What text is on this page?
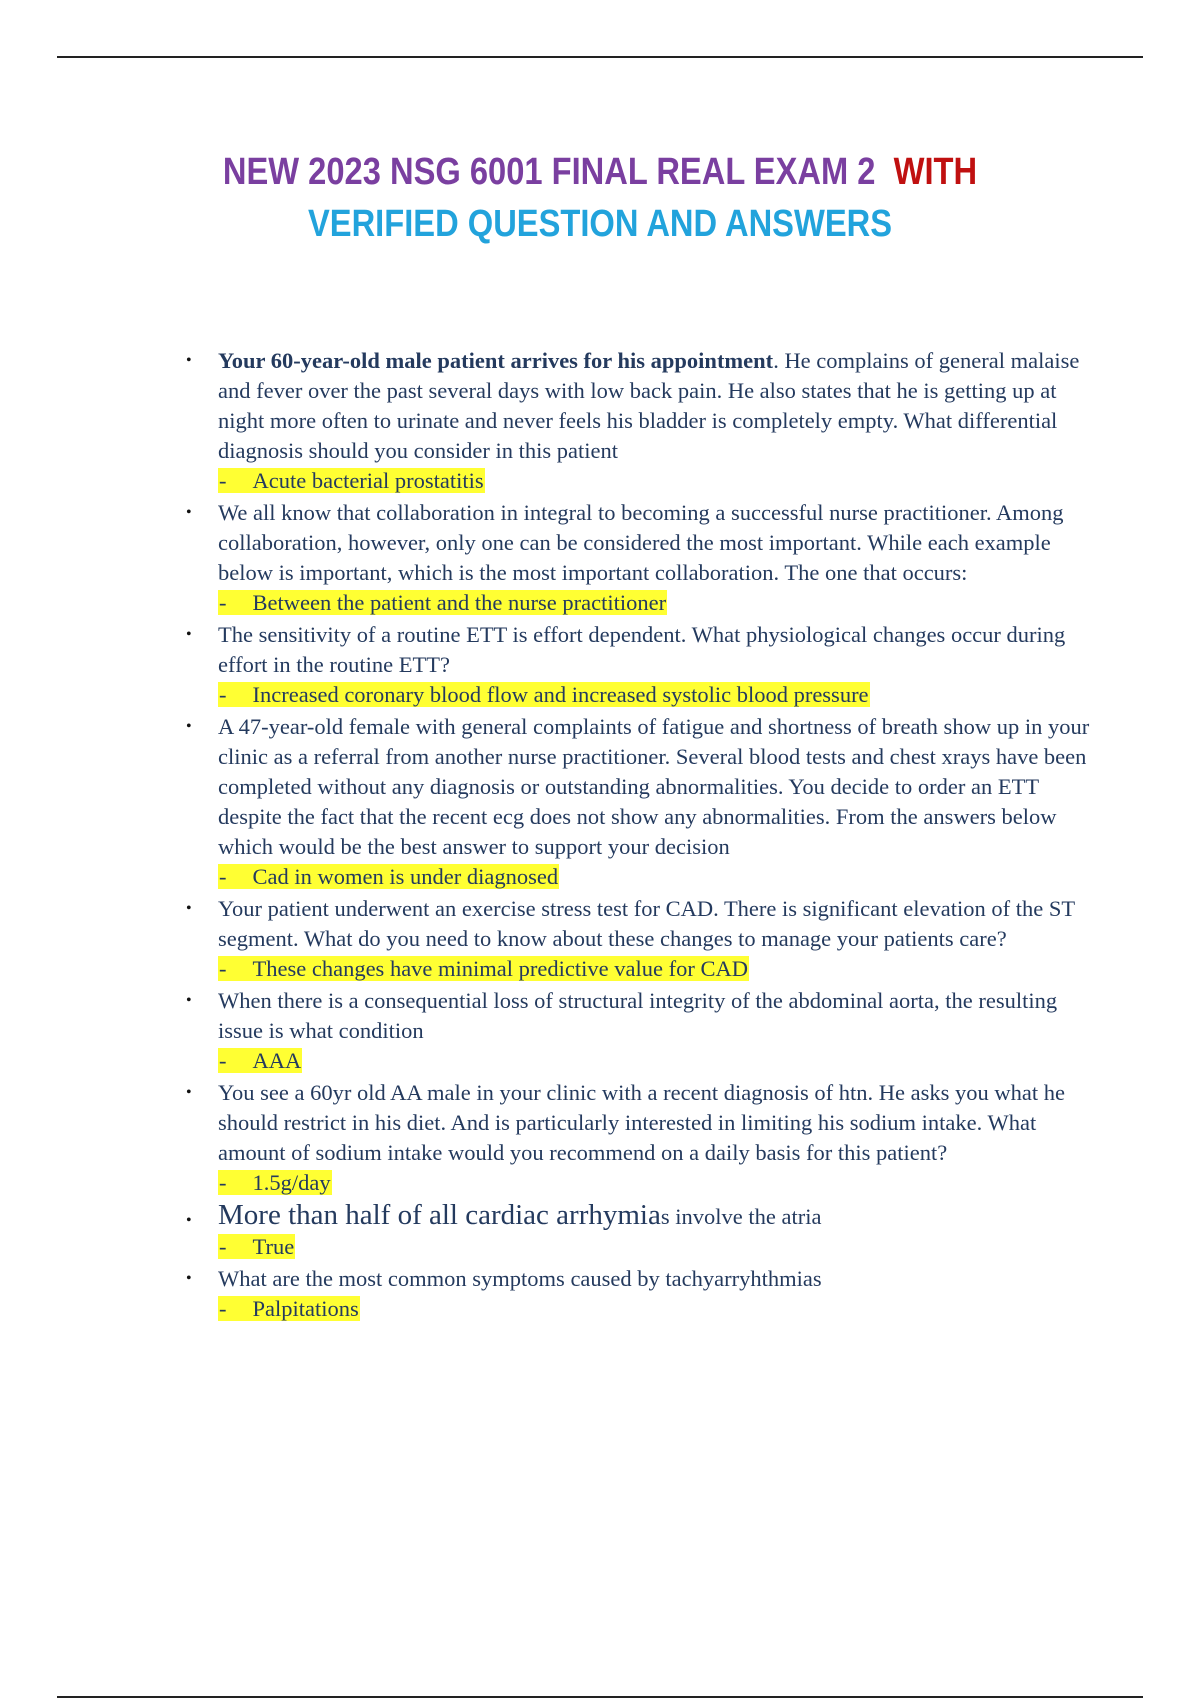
NEW 2023 NSG 6001 FINAL REAL EXAM 2 WITH
VERIFIED QUESTION AND ANSWERS
•	Your 60-year-old male patient arrives for his appointment. He complains of general malaise and fever over the past several days with low back pain. He also states that he is getting up at night more often to urinate and never feels his bladder is completely empty. What differential diagnosis should you consider in this patient
- Acute bacterial prostatitis
•	We all know that collaboration in integral to becoming a successful nurse practitioner. Among collaboration, however, only one can be considered the most important. While each example below is important, which is the most important collaboration. The one that occurs:
- Between the patient and the nurse practitioner
•	The sensitivity of a routine ETT is effort dependent. What physiological changes occur during effort in the routine ETT?
- Increased coronary blood flow and increased systolic blood pressure
•	A 47-year-old female with general complaints of fatigue and shortness of breath show up in your clinic as a referral from another nurse practitioner. Several blood tests and chest xrays have been completed without any diagnosis or outstanding abnormalities. You decide to order an ETT despite the fact that the recent ecg does not show any abnormalities. From the answers below which would be the best answer to support your decision
- Cad in women is under diagnosed
•	Your patient underwent an exercise stress test for CAD. There is significant elevation of the ST segment. What do you need to know about these changes to manage your patients care?
- These changes have minimal predictive value for CAD
•	When there is a consequential loss of structural integrity of the abdominal aorta, the resulting issue is what condition
- AAA
•	You see a 60yr old AA male in your clinic with a recent diagnosis of htn. He asks you what he should restrict in his diet. And is particularly interested in limiting his sodium intake. What amount of sodium intake would you recommend on a daily basis for this patient?
- 1.5g/day
• More than half of all cardiac arrhymias involve the atria
- True
•	What are the most common symptoms caused by tachyarryhthmias
- Palpitations
